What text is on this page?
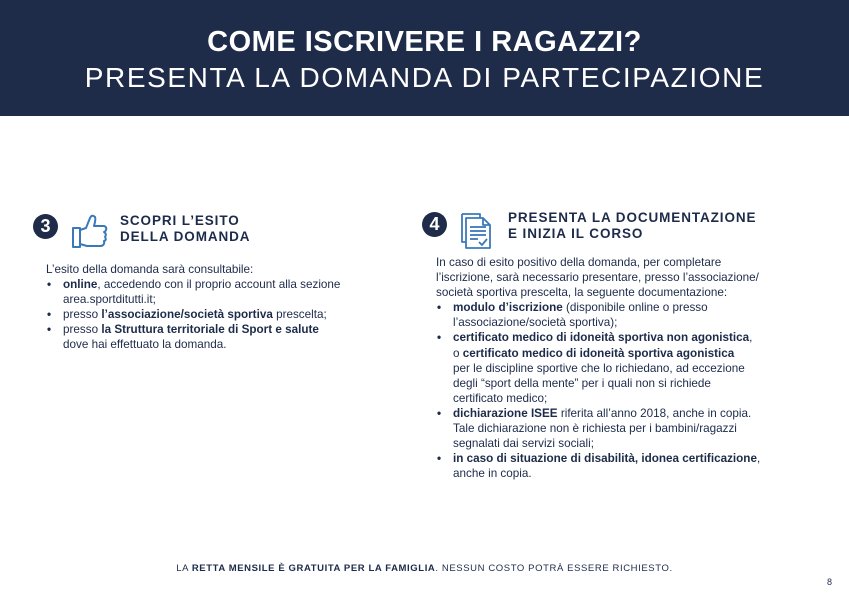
COME ISCRIVERE I RAGAZZI?
PRESENTA LA DOMANDA DI PARTECIPAZIONE
3	SCOPRI L’ESITO
DELLA DOMANDA

L’esito della domanda sarà consultabile:

• online, accedendo con il proprio account alla sezione
area.sportditutti.it;
• presso l’associazione/società sportiva prescelta;
• presso la Struttura territoriale di Sport e salute
dove hai effettuato la domanda.
4	PRESENTA LA DOCUMENTAZIONE
E INIZIA IL CORSO

In caso di esito positivo della domanda, per completare

l’iscrizione, sarà necessario presentare, presso l’associazione/

società sportiva prescelta, la seguente documentazione:

• modulo d’iscrizione (disponibile online o presso
l’associazione/società sportiva);
• certificato medico di idoneità sportiva non agonistica,
o certificato medico di idoneità sportiva agonistica
per le discipline sportive che lo richiedano, ad eccezione
degli “sport della mente” per i quali non si richiede
certificato medico;
• dichiarazione ISEE riferita all’anno 2018, anche in copia.
Tale dichiarazione non è richiesta per i bambini/ragazzi
segnalati dai servizi sociali;
• in caso di situazione di disabilità, idonea certificazione,
anche in copia.
LA RETTA MENSILE È GRATUITA PER LA FAMIGLIA. NESSUN COSTO POTRÀ ESSERE RICHIESTO.
8
